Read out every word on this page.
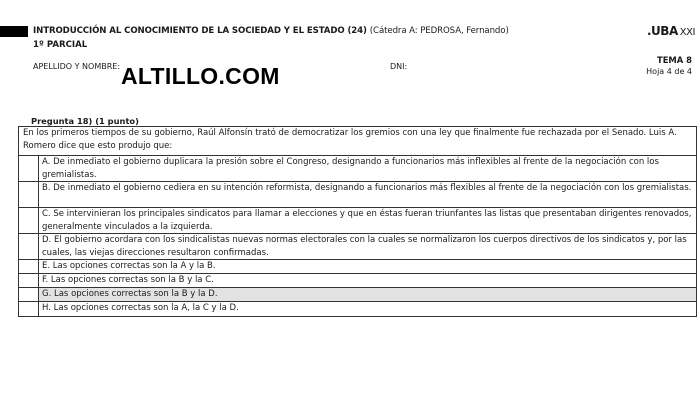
INTRODUCCIÓN AL CONOCIMIENTO DE LA SOCIEDAD Y EL ESTADO (24) (Cátedra A: PEDROSA, Fernando)
1º PARCIAL
.UBA XXI
APELLIDO Y NOMBRE:	DNI:
TEMA 8
Hoja 4 de 4
ALTILLO.COM
Pregunta 18) (1 punto)
En los primeros tiempos de su gobierno, Raúl Alfonsín trató de democratizar los gremios con una ley que finalmente fue rechazada por el Senado. Luis A. Romero dice que esto produjo que:
A. De inmediato el gobierno duplicara la presión sobre el Congreso, designando a funcionarios más inflexibles al frente de la negociación con los gremialistas.
B. De inmediato el gobierno cediera en su intención reformista, designando a funcionarios más flexibles al frente de la negociación con los gremialistas.
C. Se intervinieran los principales sindicatos para llamar a elecciones y que en éstas fueran triunfantes las listas que presentaban dirigentes renovados, generalmente vinculados a la izquierda.
D. El gobierno acordara con los sindicalistas nuevas normas electorales con la cuales se normalizaron los cuerpos directivos de los sindicatos y, por las cuales, las viejas direcciones resultaron confirmadas.
E. Las opciones correctas son la A y la B.
F. Las opciones correctas son la B y la C.
G. Las opciones correctas son la B y la D.
H. Las opciones correctas son la A, la C y la D.
